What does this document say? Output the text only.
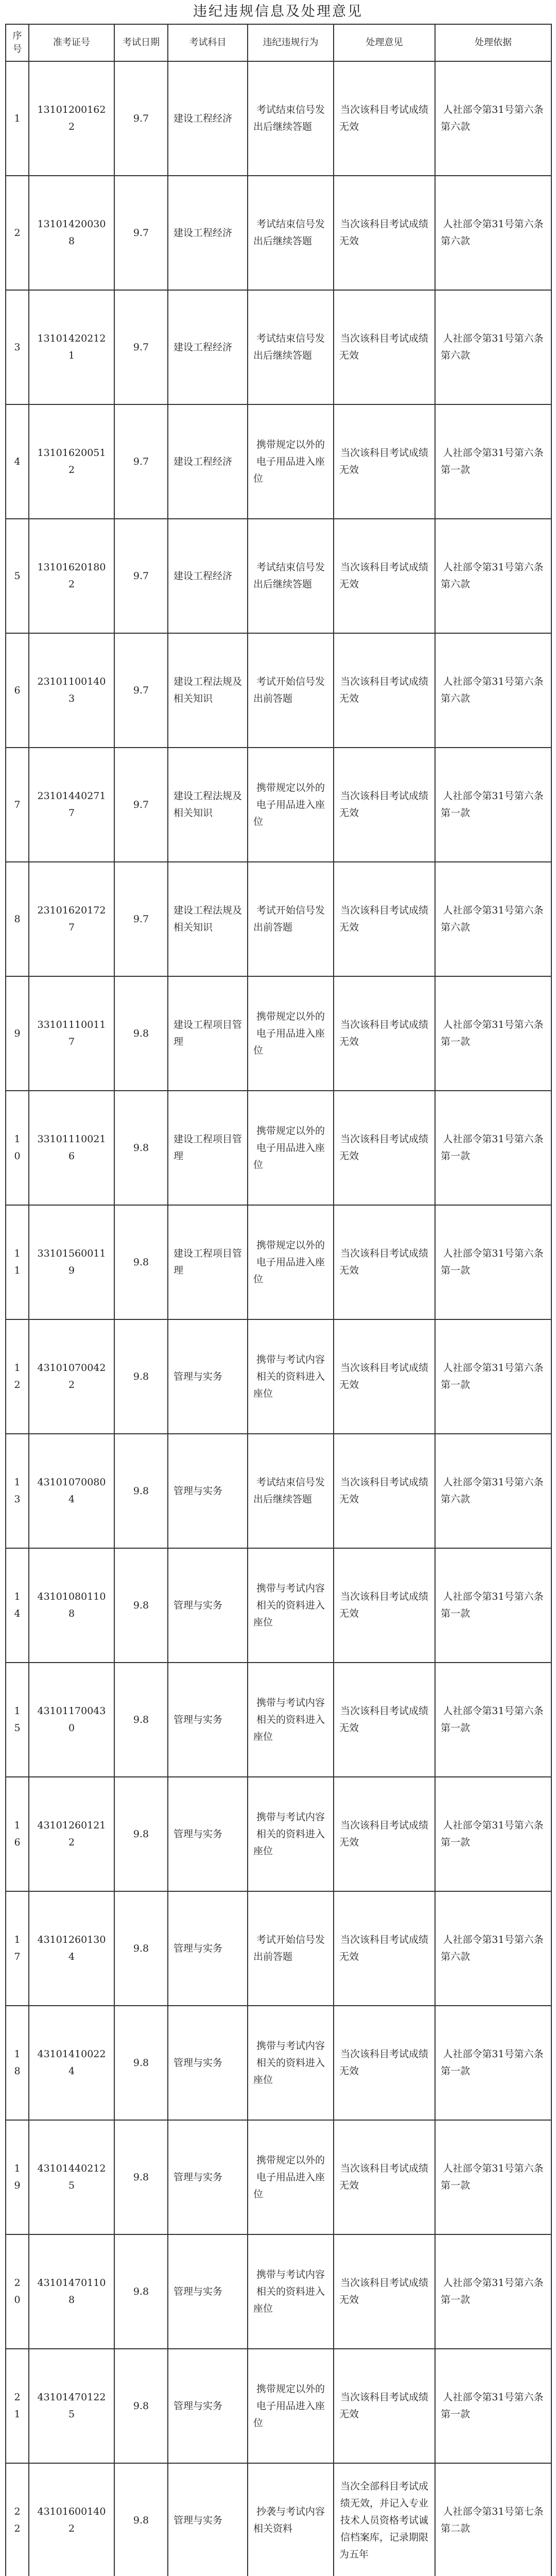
违纪违规信息及处理意见
序号	准考证号	考试日期	考试科目	违纪违规行为	处理意见	处理依据
1	131012001622	9.7	建设工程经济	考试结束信号发出后继续答题	当次该科目考试成绩无效	人社部令第31号第六条第六款
2	131014200308	9.7	建设工程经济	考试结束信号发出后继续答题	当次该科目考试成绩无效	人社部令第31号第六条第六款
3	131014202121	9.7	建设工程经济	考试结束信号发出后继续答题	当次该科目考试成绩无效	人社部令第31号第六条第六款
4	131016200512	9.7	建设工程经济	携带规定以外的电子用品进入座位	当次该科目考试成绩无效	人社部令第31号第六条第一款
5	131016201802	9.7	建设工程经济	考试结束信号发出后继续答题	当次该科目考试成绩无效	人社部令第31号第六条第六款
6	231011001403	9.7	建设工程法规及相关知识	考试开始信号发出前答题	当次该科目考试成绩无效	人社部令第31号第六条第六款
7	231014402717	9.7	建设工程法规及相关知识	携带规定以外的电子用品进入座位	当次该科目考试成绩无效	人社部令第31号第六条第一款
8	231016201727	9.7	建设工程法规及相关知识	考试开始信号发出前答题	当次该科目考试成绩无效	人社部令第31号第六条第六款
9	331011100117	9.8	建设工程项目管理	携带规定以外的电子用品进入座位	当次该科目考试成绩无效	人社部令第31号第六条第一款
10	331011100216	9.8	建设工程项目管理	携带规定以外的电子用品进入座位	当次该科目考试成绩无效	人社部令第31号第六条第一款
11	331015600119	9.8	建设工程项目管理	携带规定以外的电子用品进入座位	当次该科目考试成绩无效	人社部令第31号第六条第一款
12	431010700422	9.8	管理与实务	携带与考试内容相关的资料进入座位	当次该科目考试成绩无效	人社部令第31号第六条第一款
13	431010700804	9.8	管理与实务	考试结束信号发出后继续答题	当次该科目考试成绩无效	人社部令第31号第六条第六款
14	431010801108	9.8	管理与实务	携带与考试内容相关的资料进入座位	当次该科目考试成绩无效	人社部令第31号第六条第一款
15	431011700430	9.8	管理与实务	携带与考试内容相关的资料进入座位	当次该科目考试成绩无效	人社部令第31号第六条第一款
16	431012601212	9.8	管理与实务	携带与考试内容相关的资料进入座位	当次该科目考试成绩无效	人社部令第31号第六条第一款
17	431012601304	9.8	管理与实务	考试开始信号发出前答题	当次该科目考试成绩无效	人社部令第31号第六条第六款
18	431014100224	9.8	管理与实务	携带与考试内容相关的资料进入座位	当次该科目考试成绩无效	人社部令第31号第六条第一款
19	431014402125	9.8	管理与实务	携带规定以外的电子用品进入座位	当次该科目考试成绩无效	人社部令第31号第六条第一款
20	431014701108	9.8	管理与实务	携带与考试内容相关的资料进入座位	当次该科目考试成绩无效	人社部令第31号第六条第一款
21	431014701225	9.8	管理与实务	携带规定以外的电子用品进入座位	当次该科目考试成绩无效	人社部令第31号第六条第一款
22	431016001402	9.8	管理与实务	抄袭与考试内容相关资料	当次全部科目考试成绩无效，并记入专业技术人员资格考试诚信档案库，记录期限为五年	人社部令第31号第七条第二款
